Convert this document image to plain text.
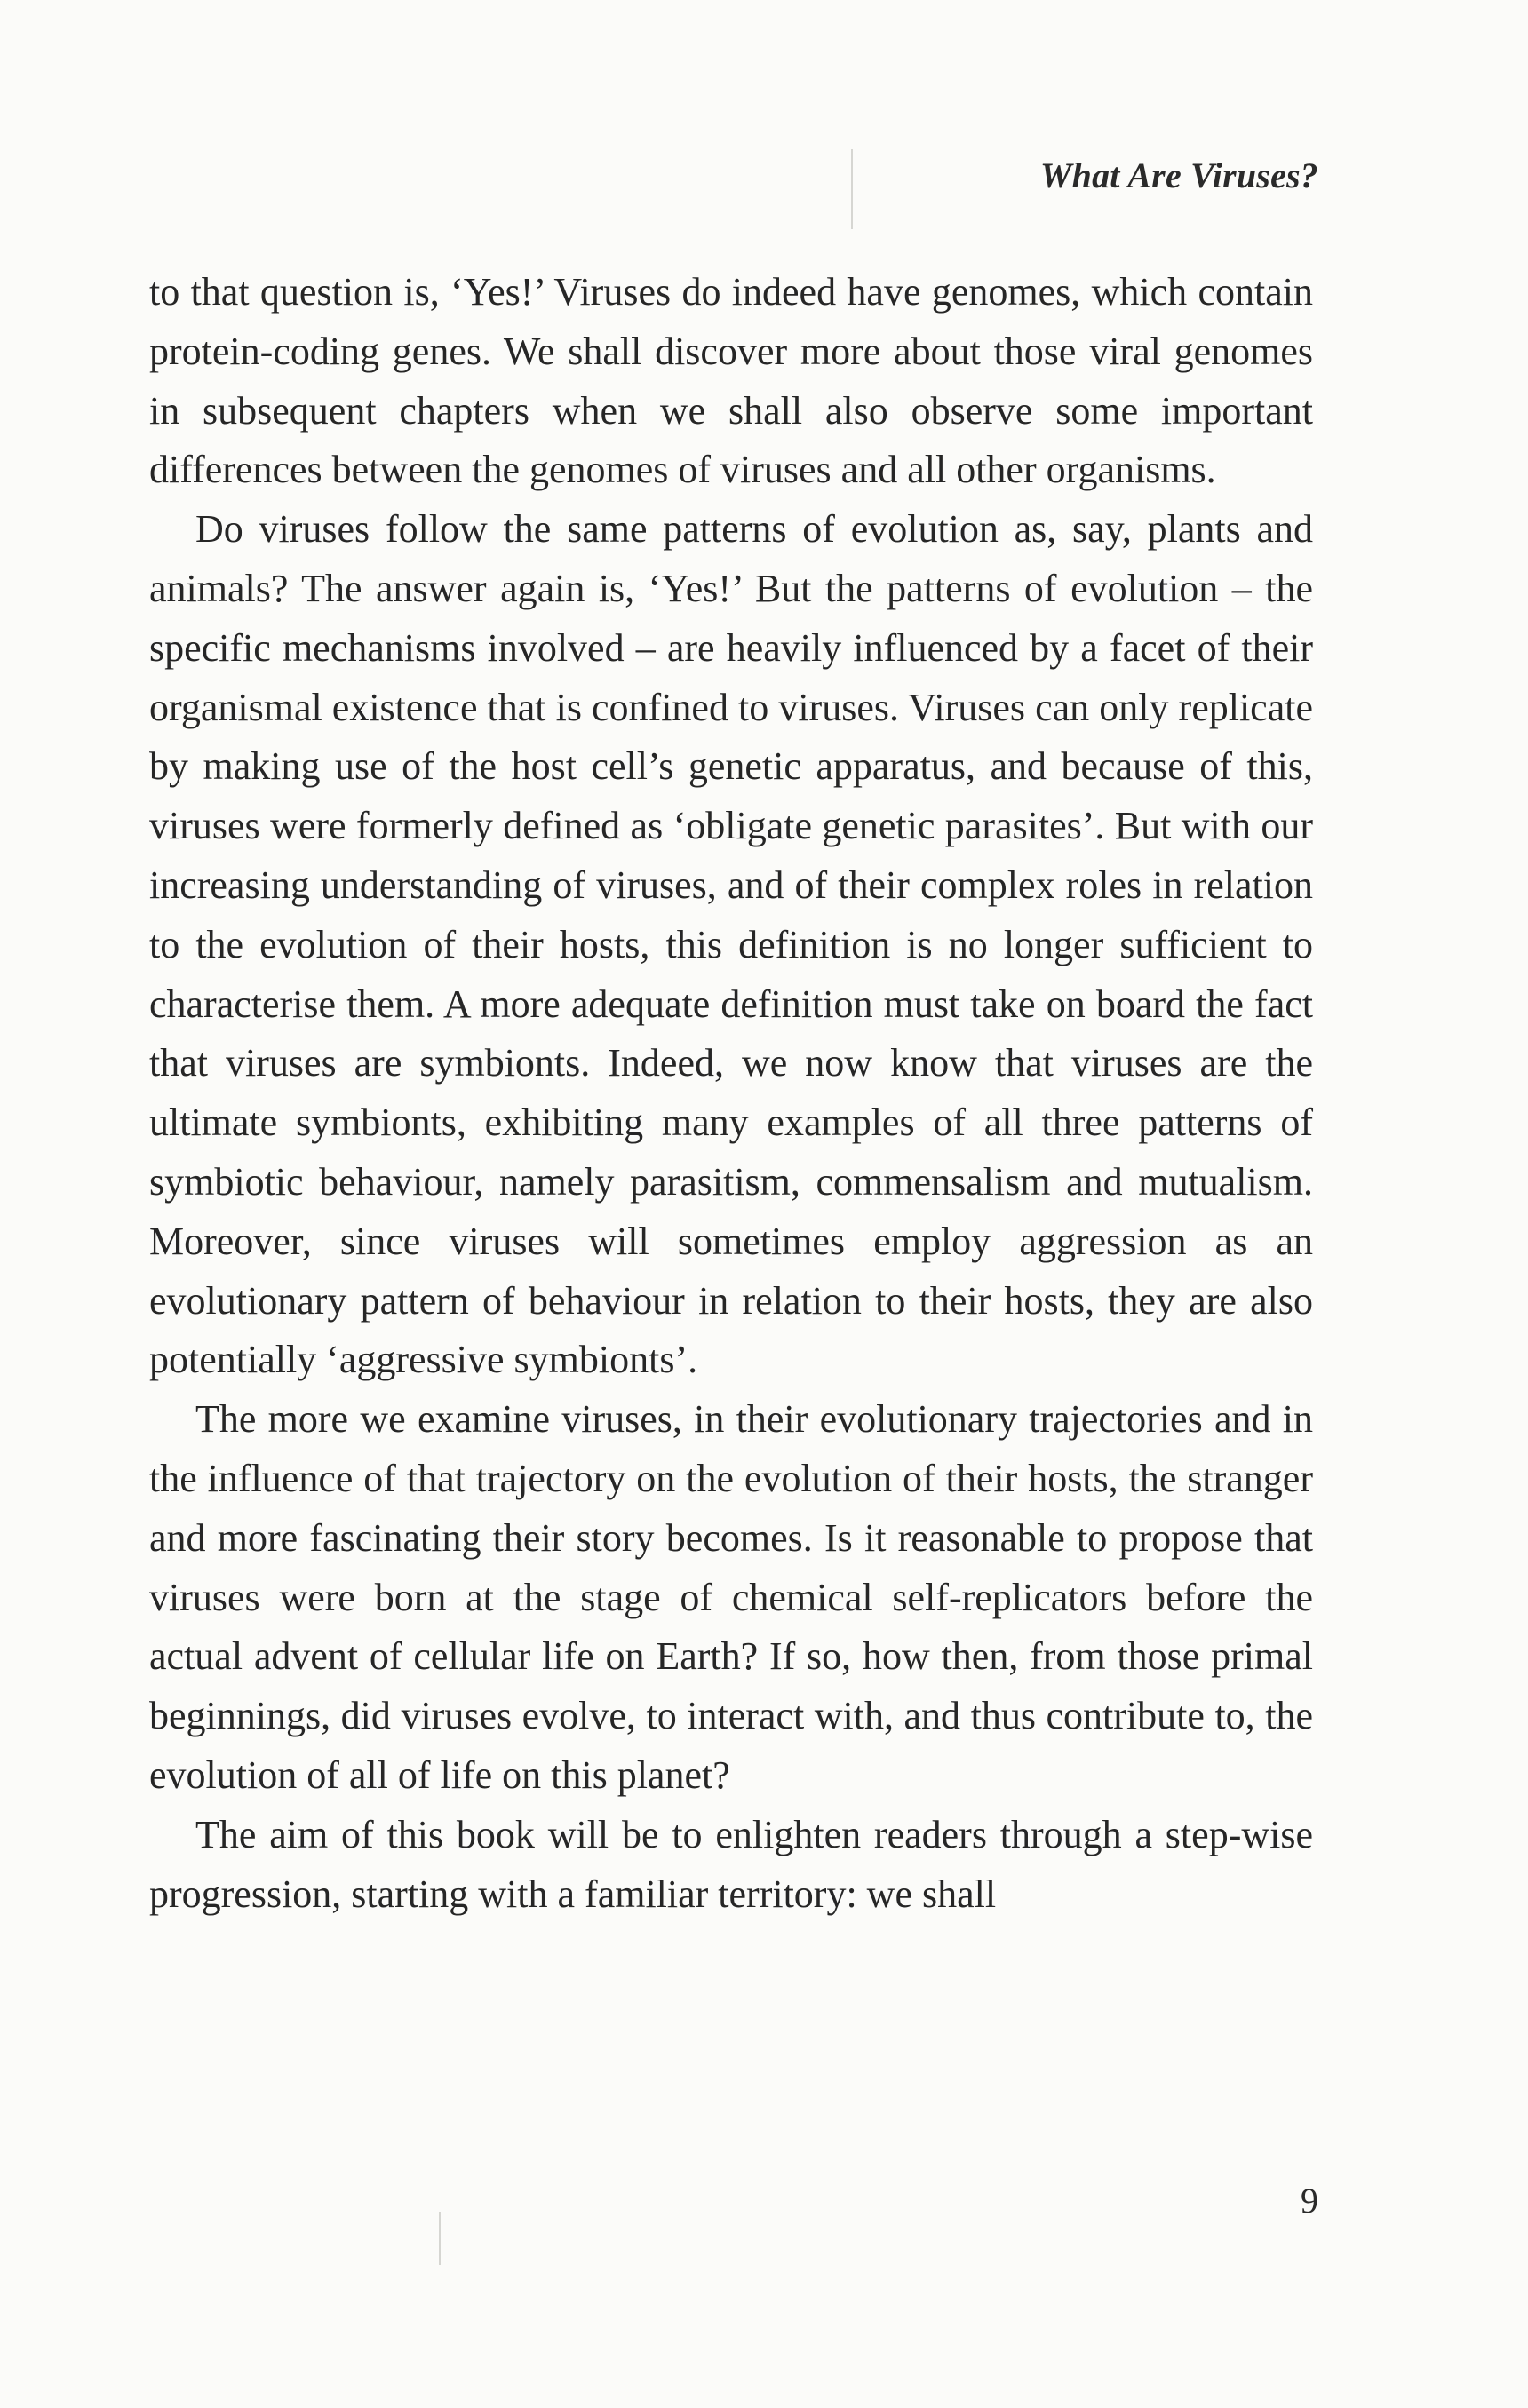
What Are Viruses?

to that question is, ‘Yes!’ Viruses do indeed have genomes, which contain protein-coding genes. We shall discover more about those viral genomes in subsequent chapters when we shall also observe some important differences between the genomes of viruses and all other organisms.

Do viruses follow the same patterns of evolution as, say, plants and animals? The answer again is, ‘Yes!’ But the patterns of evolution – the specific mechanisms involved – are heavily influenced by a facet of their organismal existence that is confined to viruses. Viruses can only replicate by making use of the host cell’s genetic apparatus, and because of this, viruses were formerly defined as ‘obligate genetic parasites’. But with our increasing understanding of viruses, and of their complex roles in relation to the evolution of their hosts, this definition is no longer sufficient to characterise them. A more adequate definition must take on board the fact that viruses are symbionts. Indeed, we now know that viruses are the ultimate symbionts, exhibiting many examples of all three patterns of symbiotic behaviour, namely parasitism, commensalism and mutualism. Moreover, since viruses will sometimes employ aggression as an evolutionary pattern of behaviour in relation to their hosts, they are also potentially ‘aggressive symbionts’.

The more we examine viruses, in their evolutionary trajectories and in the influence of that trajectory on the evolution of their hosts, the stranger and more fascinating their story becomes. Is it reasonable to propose that viruses were born at the stage of chemical self-replicators before the actual advent of cellular life on Earth? If so, how then, from those primal beginnings, did viruses evolve, to interact with, and thus contribute to, the evolution of all of life on this planet?

The aim of this book will be to enlighten readers through a step-wise progression, starting with a familiar territory: we shall

9
